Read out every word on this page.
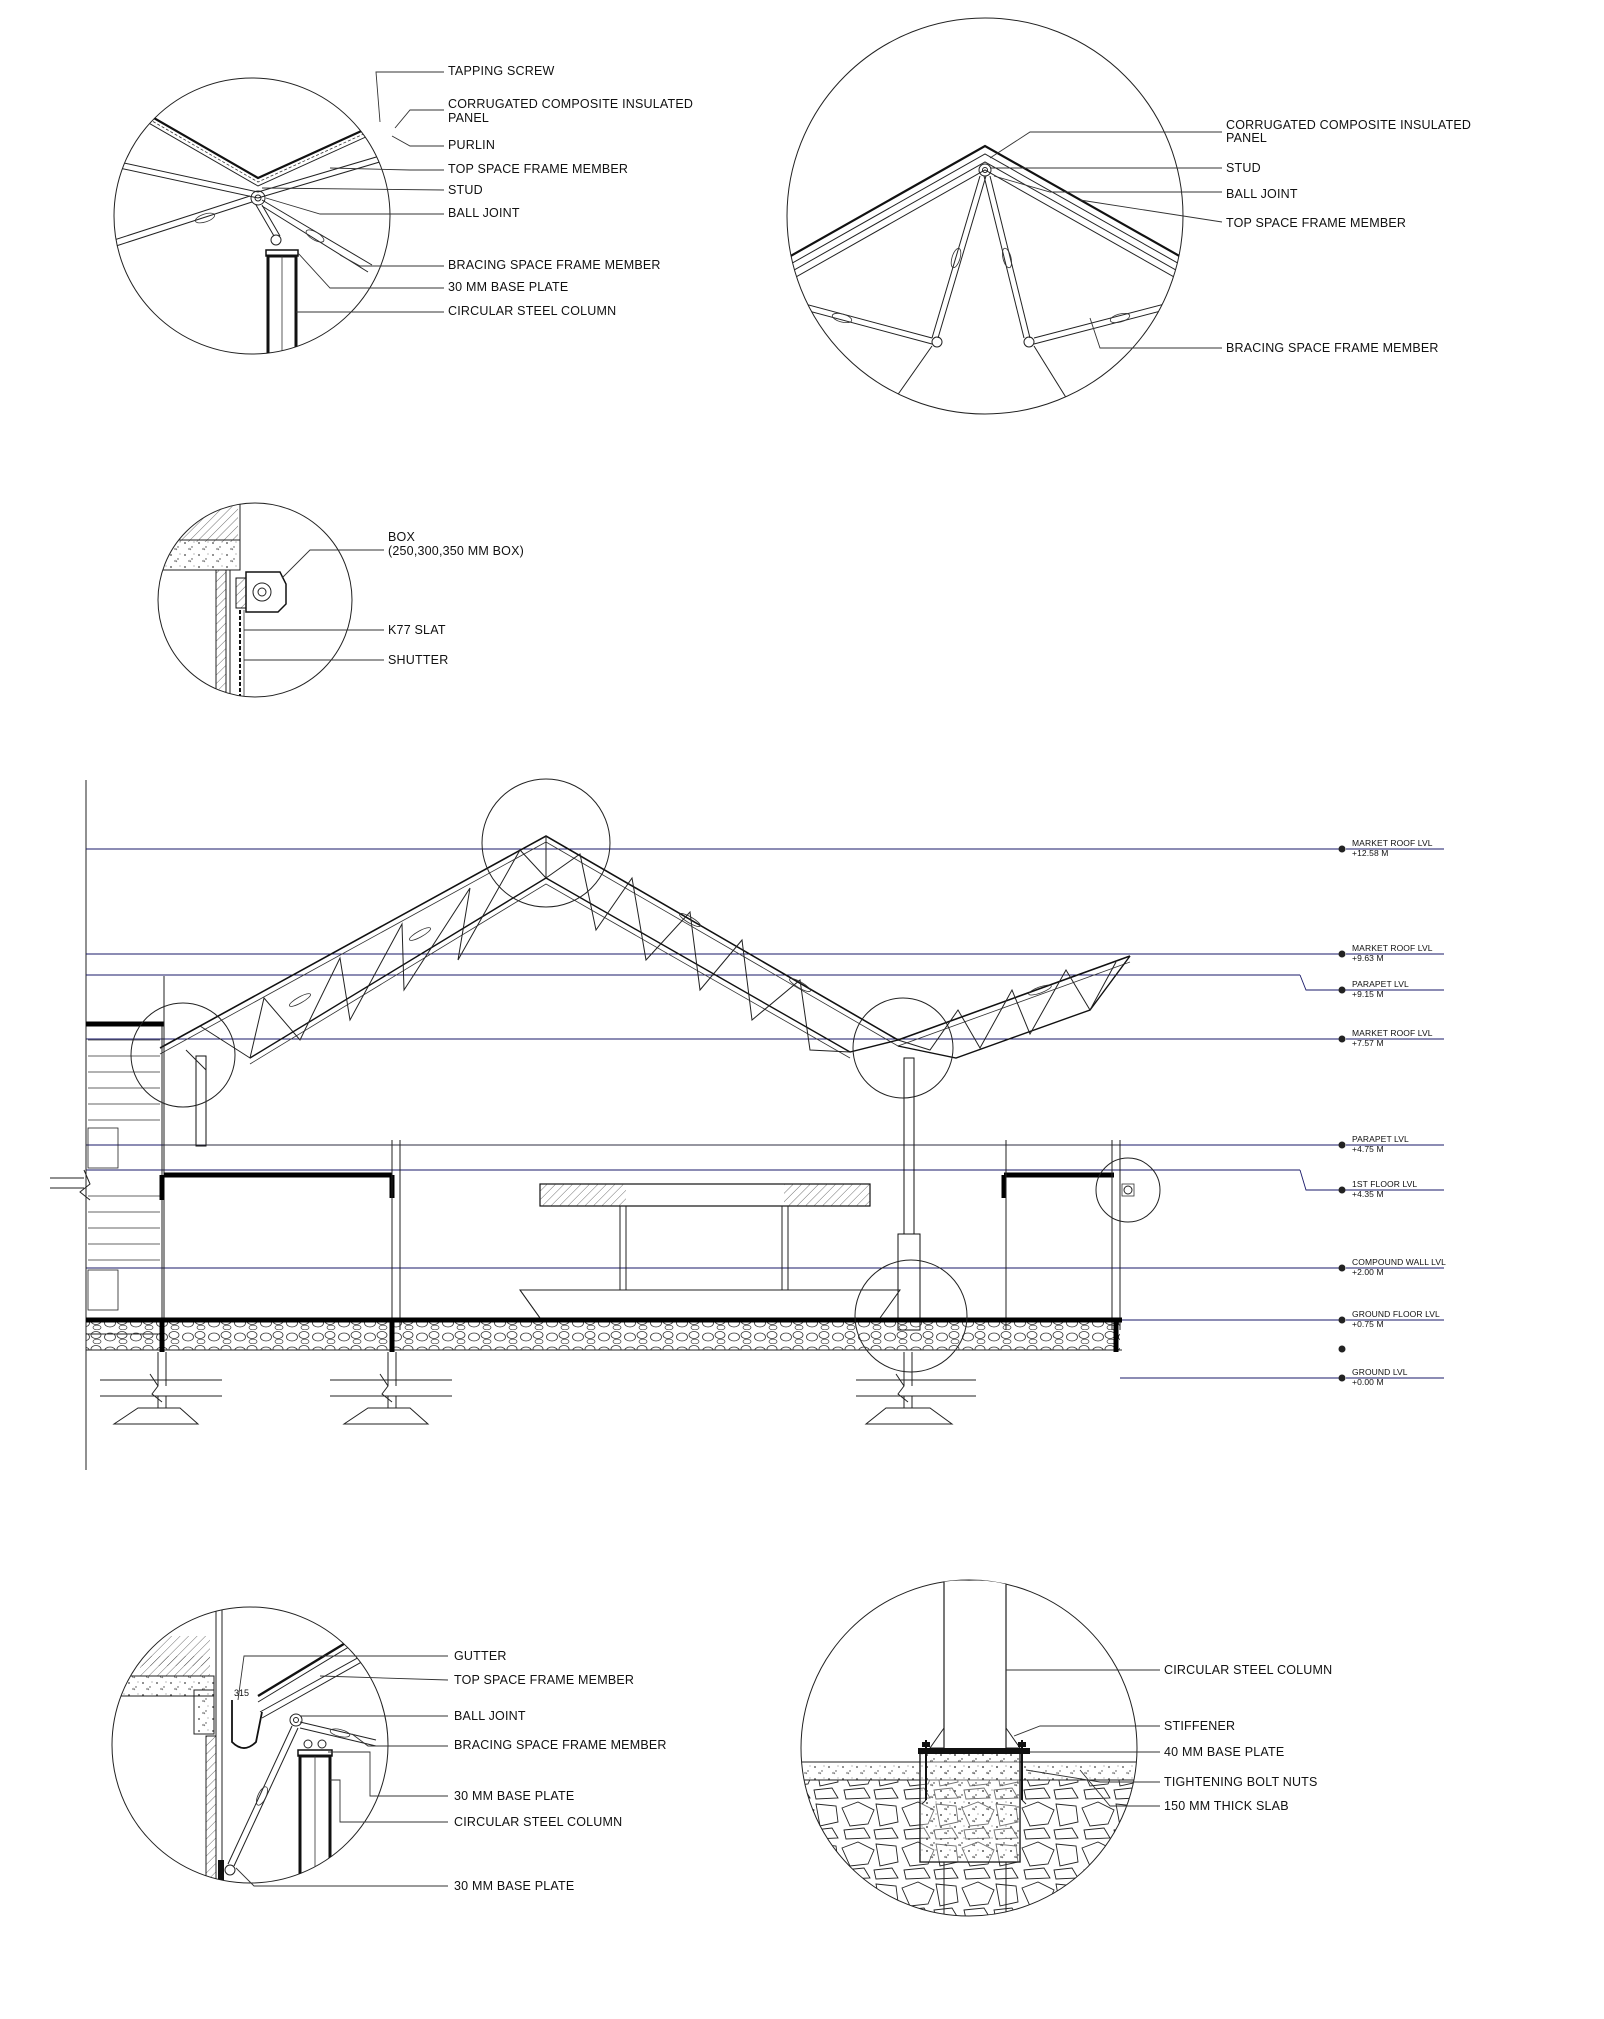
TAPPING SCREW
CORRUGATED COMPOSITE INSULATED
PANEL
PURLIN
TOP SPACE FRAME MEMBER
STUD
BALL JOINT
BRACING SPACE FRAME MEMBER
30 MM BASE PLATE
CIRCULAR STEEL COLUMN
CORRUGATED COMPOSITE INSULATED
PANEL
STUD
BALL JOINT
TOP SPACE FRAME MEMBER
BRACING SPACE FRAME MEMBER
BOX
(250,300,350 MM BOX)
K77 SLAT
SHUTTER
MARKET ROOF LVL
+12.58 M
MARKET ROOF LVL
+9.63 M
PARAPET LVL
+9.15 M
MARKET ROOF LVL
+7.57 M
PARAPET LVL
+4.75 M
1ST FLOOR LVL
+4.35 M
COMPOUND WALL LVL
+2.00 M
GROUND FLOOR LVL
+0.75 M
GROUND LVL
+0.00 M
315
GUTTER
TOP SPACE FRAME MEMBER
BALL JOINT
BRACING SPACE FRAME MEMBER
30 MM BASE PLATE
CIRCULAR STEEL COLUMN
30 MM BASE PLATE
CIRCULAR STEEL COLUMN
STIFFENER
40 MM BASE PLATE
TIGHTENING BOLT NUTS
150 MM THICK SLAB
